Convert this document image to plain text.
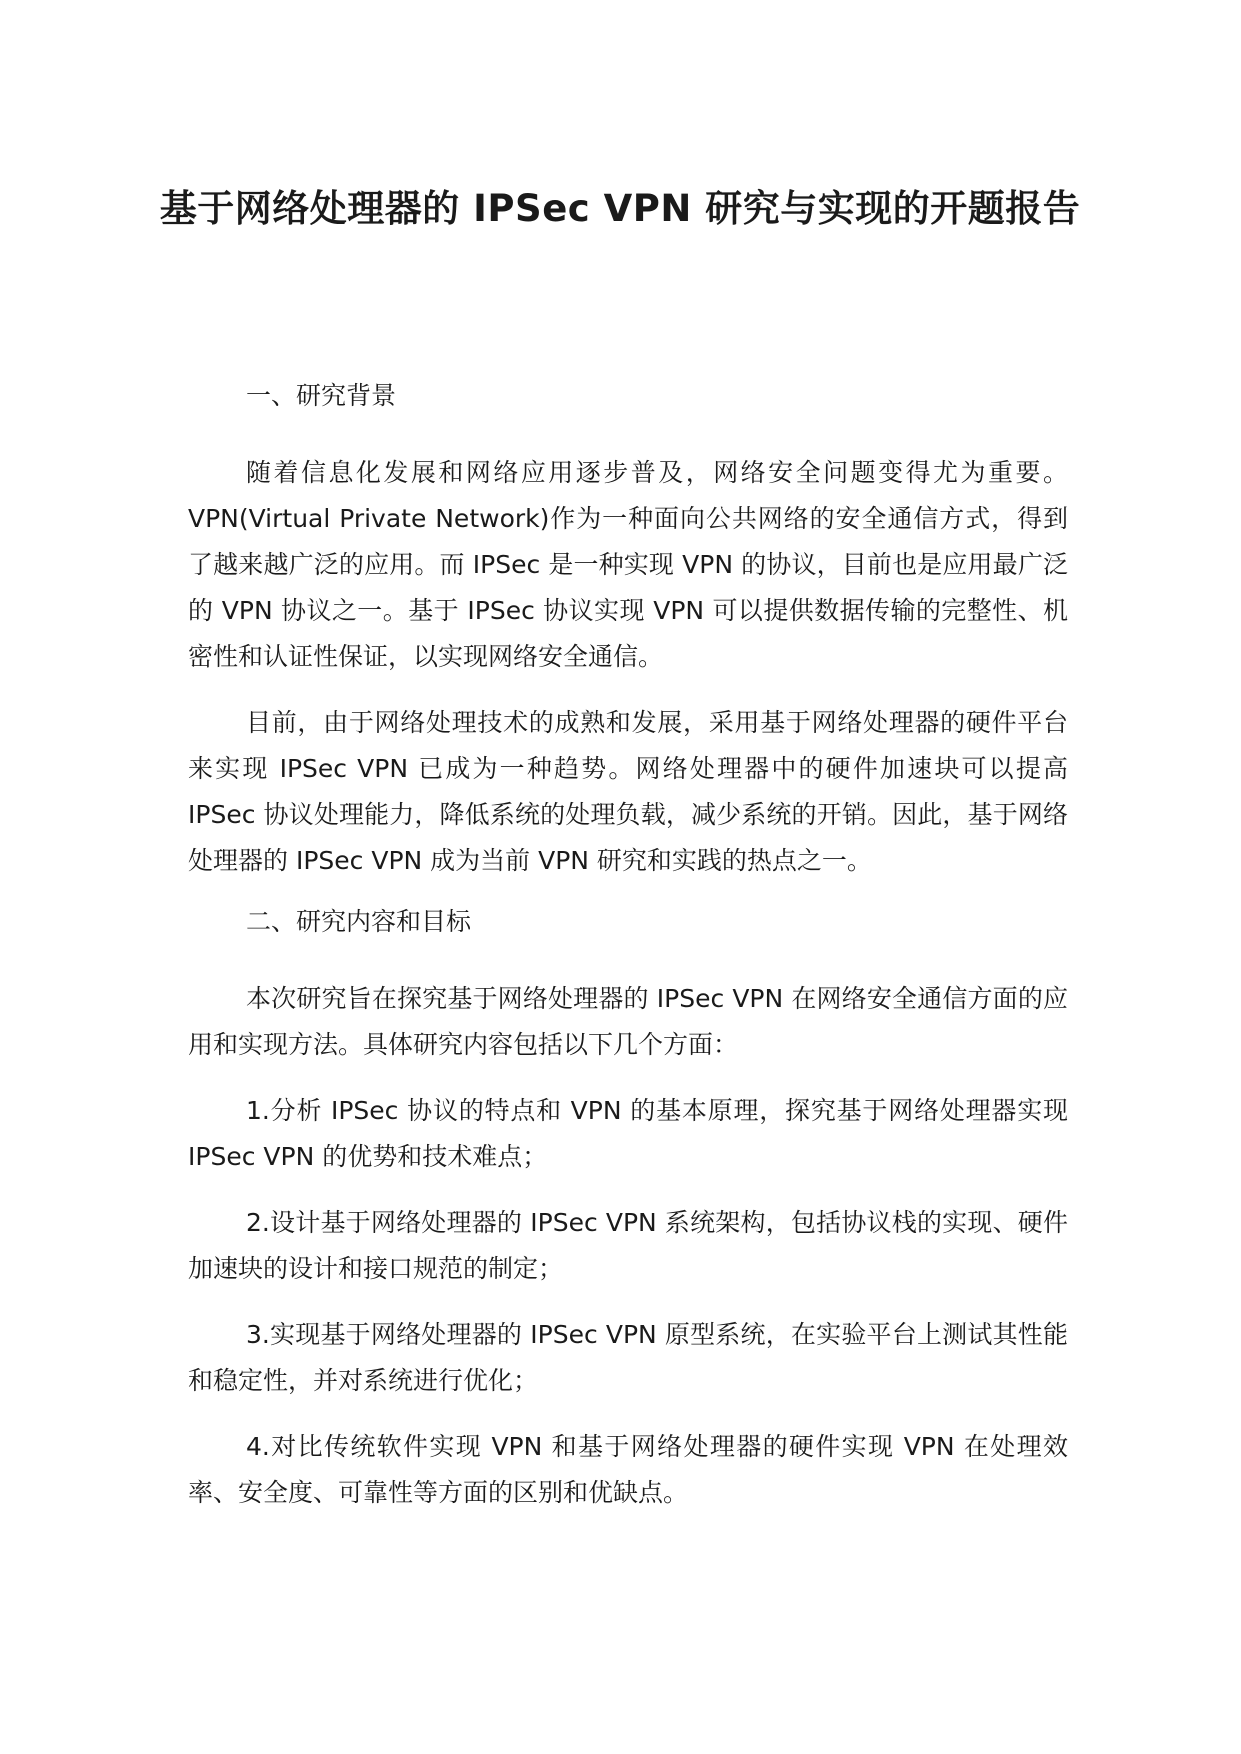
基于网络处理器的 IPSec VPN 研究与实现的开题报告

一、研究背景

随着信息化发展和网络应用逐步普及，网络安全问题变得尤为重要。VPN(Virtual Private Network)作为一种面向公共网络的安全通信方式，得到了越来越广泛的应用。而 IPSec 是一种实现 VPN 的协议，目前也是应用最广泛的 VPN 协议之一。基于 IPSec 协议实现 VPN 可以提供数据传输的完整性、机密性和认证性保证，以实现网络安全通信。

目前，由于网络处理技术的成熟和发展，采用基于网络处理器的硬件平台来实现 IPSec VPN 已成为一种趋势。网络处理器中的硬件加速块可以提高 IPSec 协议处理能力，降低系统的处理负载，减少系统的开销。因此，基于网络处理器的 IPSec VPN 成为当前 VPN 研究和实践的热点之一。

二、研究内容和目标

本次研究旨在探究基于网络处理器的 IPSec VPN 在网络安全通信方面的应用和实现方法。具体研究内容包括以下几个方面：

1.分析 IPSec 协议的特点和 VPN 的基本原理，探究基于网络处理器实现 IPSec VPN 的优势和技术难点；

2.设计基于网络处理器的 IPSec VPN 系统架构，包括协议栈的实现、硬件加速块的设计和接口规范的制定；

3.实现基于网络处理器的 IPSec VPN 原型系统，在实验平台上测试其性能和稳定性，并对系统进行优化；

4.对比传统软件实现 VPN 和基于网络处理器的硬件实现 VPN 在处理效率、安全度、可靠性等方面的区别和优缺点。
